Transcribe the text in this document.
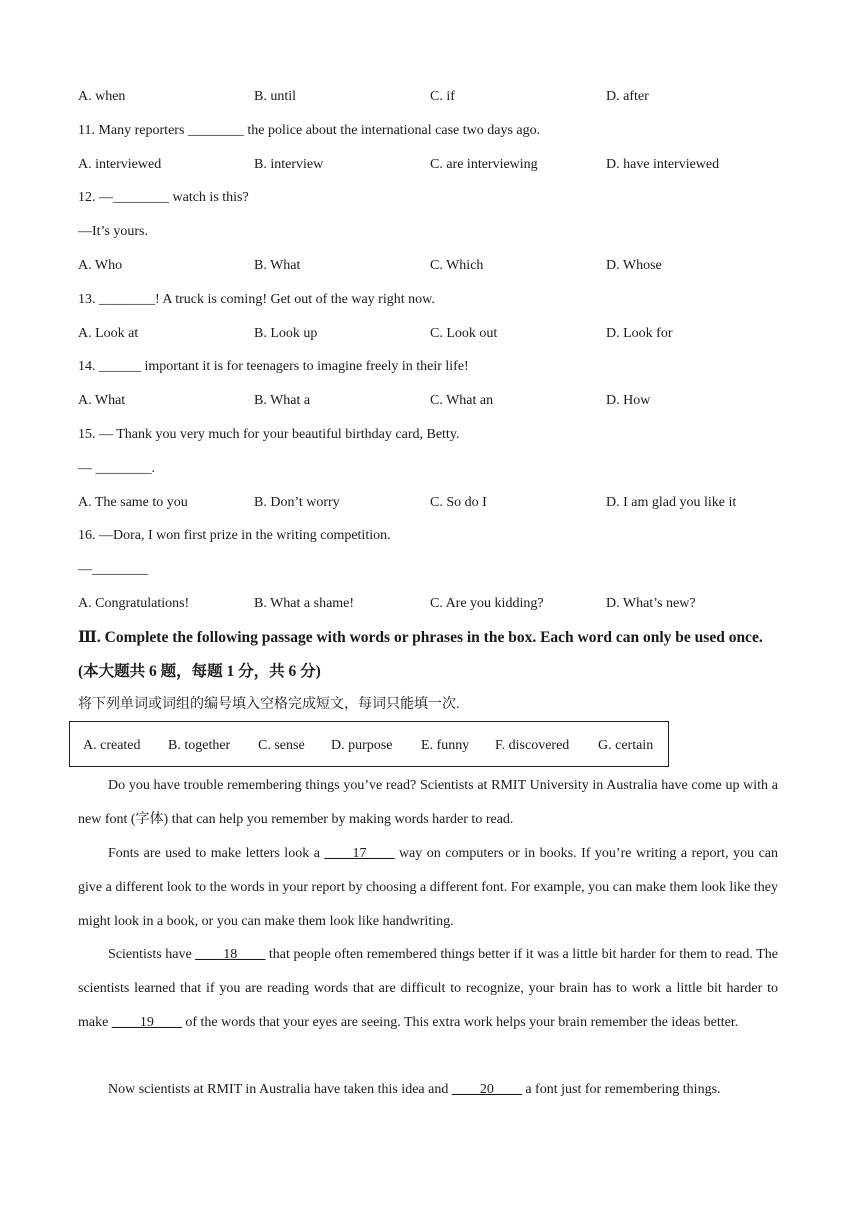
A. when	B. until	C. if	D. after
11. Many reporters ________ the police about the international case two days ago.
A. interviewed	B. interview	C. are interviewing	D. have interviewed
12. —________ watch is this?
—It’s yours.
A. Who	B. What	C. Which	D. Whose
13. ________! A truck is coming! Get out of the way right now.
A. Look at	B. Look up	C. Look out	D. Look for
14. ______ important it is for teenagers to imagine freely in their life!
A. What	B. What a	C. What an	D. How
15. — Thank you very much for your beautiful birthday card, Betty.
— ________.
A. The same to you	B. Don’t worry	C. So do I	D. I am glad you like it
16. —Dora, I won first prize in the writing competition.
—________
A. Congratulations!	B. What a shame!	C. Are you kidding?	D. What’s new?
Ⅲ. Complete the following passage with words or phrases in the box. Each word can only be used once. (本大题共 6 题，每题 1 分，共 6 分)
将下列单词或词组的编号填入空格完成短文，每词只能填一次.
A. created B. together C. sense D. purpose E. funny F. discovered G. certain
Do you have trouble remembering things you’ve read? Scientists at RMIT University in Australia have come up with a new font (字体) that can help you remember by making words harder to read.
Fonts are used to make letters look a ____17____ way on computers or in books. If you’re writing a report, you can give a different look to the words in your report by choosing a different font. For example, you can make them look like they might look in a book, or you can make them look like handwriting.
Scientists have ____18____ that people often remembered things better if it was a little bit harder for them to read. The scientists learned that if you are reading words that are difficult to recognize, your brain has to work a little bit harder to make ____19____ of the words that your eyes are seeing. This extra work helps your brain remember the ideas better.
Now scientists at RMIT in Australia have taken this idea and ____20____ a font just for remembering things.
